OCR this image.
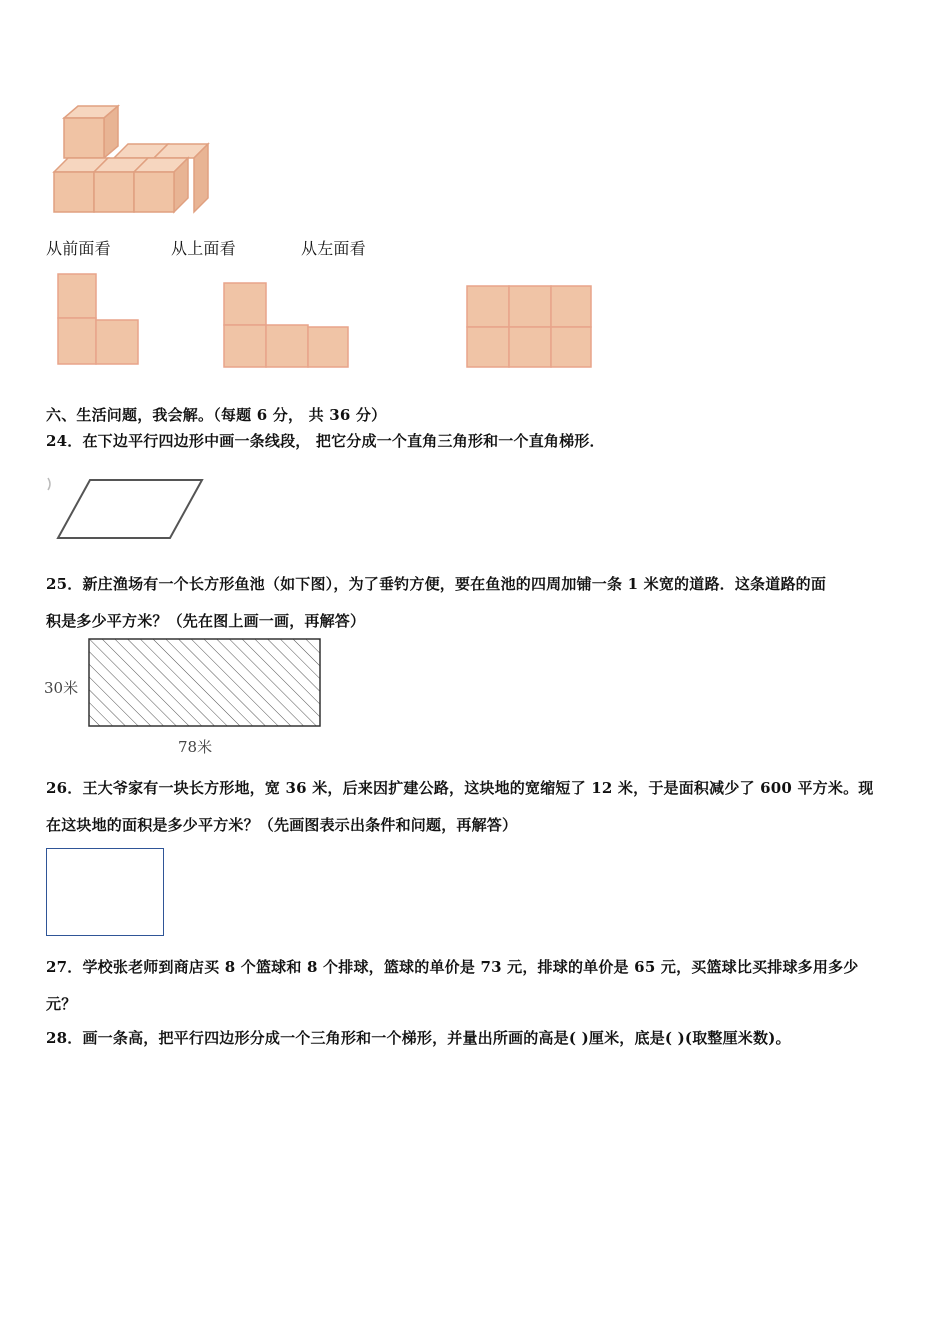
从前面看	从上面看	从左面看
六、生活问题，我会解。（每题 6 分， 共 36 分）
24．在下边平行四边形中画一条线段， 把它分成一个直角三角形和一个直角梯形．
25．新庄渔场有一个长方形鱼池（如下图），为了垂钓方便，要在鱼池的四周加铺一条 1 米宽的道路．这条道路的面
积是多少平方米？（先在图上画一画，再解答）
30米
78米
26．王大爷家有一块长方形地，宽 36 米，后来因扩建公路，这块地的宽缩短了 12 米，于是面积减少了 600 平方米。现
在这块地的面积是多少平方米？（先画图表示出条件和问题，再解答）
27．学校张老师到商店买 8 个篮球和 8 个排球，篮球的单价是 73 元，排球的单价是 65 元，买篮球比买排球多用多少
元？
28．画一条高，把平行四边形分成一个三角形和一个梯形，并量出所画的高是( )厘米，底是( )(取整厘米数)。
